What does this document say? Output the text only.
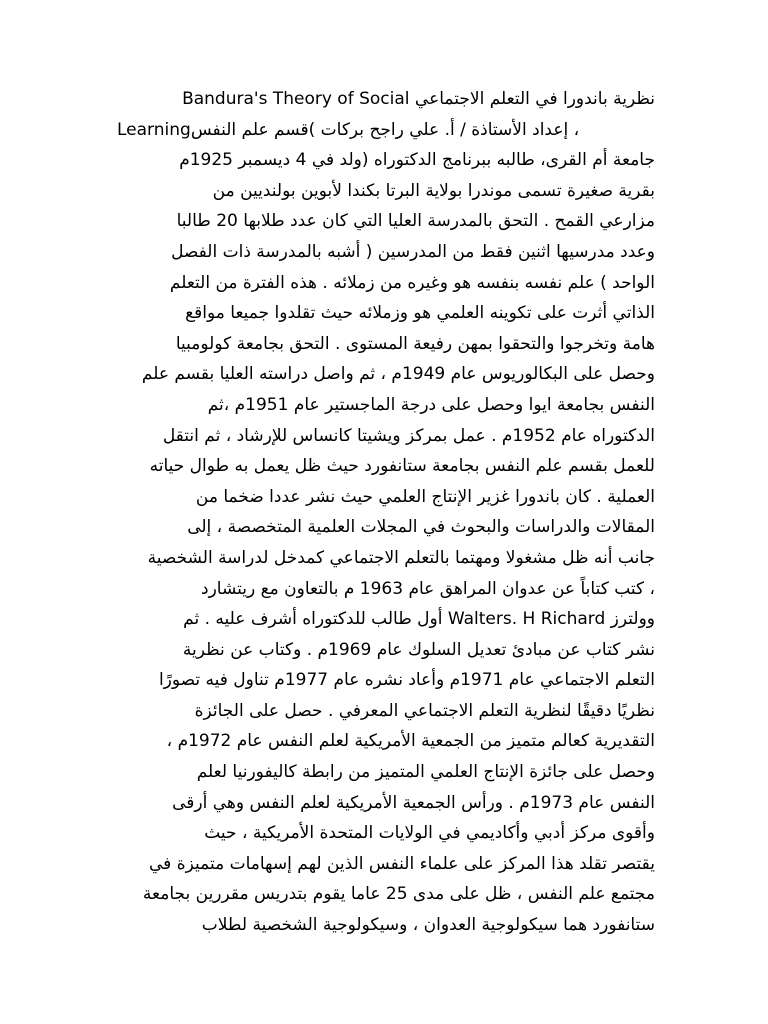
نظرية باندورا في التعلم الاجتماعي Bandura's Theory of Social
Learningإعداد الأستاذة / أ. علي راجح بركات )قسم علم النفس ،
جامعة أم القرى، طالبه ببرنامج الدكتوراه (ولد في 4 ديسمبر 1925م
بقرية صغيرة تسمى موندرا بولاية البرتا بكندا لأبوين بولنديين من
مزارعي القمح . التحق بالمدرسة العليا التي كان عدد طلابها 20 طالبا
وعدد مدرسيها اثنين فقط من المدرسين ( أشبه بالمدرسة ذات الفصل
الواحد ) علم نفسه بنفسه هو وغيره من زملائه . هذه الفترة من التعلم
الذاتي أثرت على تكوينه العلمي هو وزملائه حيث تقلدوا جميعا مواقع
هامة وتخرجوا والتحقوا بمهن رفيعة المستوى . التحق بجامعة كولومبيا
وحصل على البكالوريوس عام 1949م ، ثم واصل دراسته العليا بقسم علم
النفس بجامعة ايوا وحصل على درجة الماجستير عام 1951م ،ثم
الدكتوراه عام 1952م . عمل بمركز ويشيتا كانساس للإرشاد ، ثم انتقل
للعمل بقسم علم النفس بجامعة ستانفورد حيث ظل يعمل به طوال حياته
العملية . كان باندورا غزير الإنتاج العلمي حيث نشر عددا ضخما من
المقالات والدراسات والبحوث في المجلات العلمية المتخصصة ، إلى
جانب أنه ظل مشغولا ومهتما بالتعلم الاجتماعي كمدخل لدراسة الشخصية
، كتب كتاباً عن عدوان المراهق عام 1963 م بالتعاون مع ريتشارد
وولترز Walters. H Richard أول طالب للدكتوراه أشرف عليه . ثم
نشر كتاب عن مبادئ تعديل السلوك عام 1969م . وكتاب عن نظرية
التعلم الاجتماعي عام 1971م وأعاد نشره عام 1977م تناول فيه تصورًا
نظريًا دقيقًا لنظرية التعلم الاجتماعي المعرفي . حصل على الجائزة
التقديرية كعالم متميز من الجمعية الأمريكية لعلم النفس عام 1972م ،
وحصل على جائزة الإنتاج العلمي المتميز من رابطة كاليفورنيا لعلم
النفس عام 1973م . ورأس الجمعية الأمريكية لعلم النفس وهي أرقى
وأقوى مركز أدبي وأكاديمي في الولايات المتحدة الأمريكية ، حيث
يقتصر تقلد هذا المركز على علماء النفس الذين لهم إسهامات متميزة في
مجتمع علم النفس ، ظل على مدى 25 عاما يقوم بتدريس مقررين بجامعة
ستانفورد هما سيكولوجية العدوان ، وسيكولوجية الشخصية لطلاب
